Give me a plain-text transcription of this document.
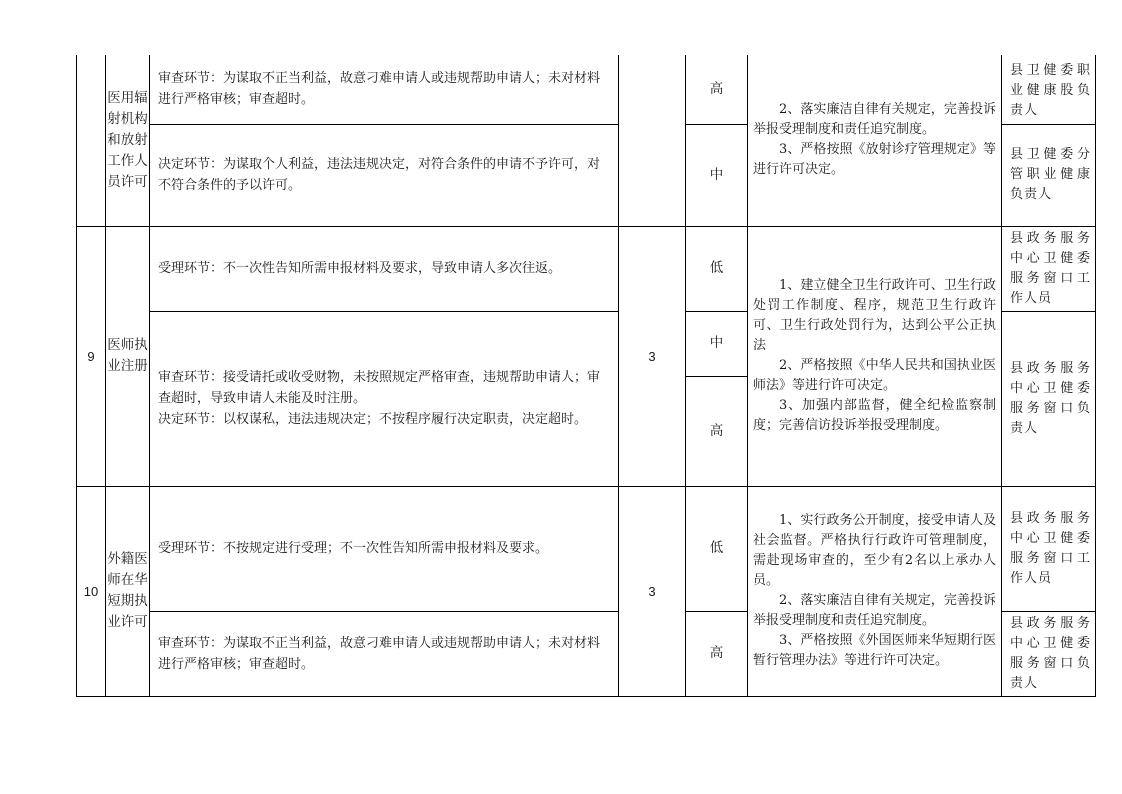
	医用辐射机构和放射工作人员许可	审查环节：为谋取不正当利益，故意刁难申请人或违规帮助申请人；未对材料进行严格审核；审查超时。		高	2、落实廉洁自律有关规定，完善投诉举报受理制度和责任追究制度。
3、严格按照《放射诊疗管理规定》等进行许可决定。	县卫健委职业健康股负责人
		决定环节：为谋取个人利益，违法违规决定，对符合条件的申请不予许可，对不符合条件的予以许可。		中		县卫健委分管职业健康负责人
9	医师执业注册	受理环节：不一次性告知所需申报材料及要求，导致申请人多次往返。	3	低	1、建立健全卫生行政许可、卫生行政处罚工作制度、程序，规范卫生行政许可、卫生行政处罚行为，达到公平公正执法
2、严格按照《中华人民共和国执业医师法》等进行许可决定。
3、加强内部监督，健全纪检监察制度；完善信访投诉举报受理制度。	县政务服务中心卫健委服务窗口工作人员

		审查环节：接受请托或收受财物，未按照规定严格审查，违规帮助申请人；审查超时，导致申请人未能及时注册。
决定环节：以权谋私，违法违规决定；不按程序履行决定职责，决定超时。		中		县政务服务中心卫健委服务窗口负责人
				高		
10	外籍医师在华短期执业许可	受理环节：不按规定进行受理；不一次性告知所需申报材料及要求。	3	低	1、实行政务公开制度，接受申请人及社会监督。严格执行行政许可管理制度，需赴现场审查的，至少有2名以上承办人员。
2、落实廉洁自律有关规定，完善投诉举报受理制度和责任追究制度。
3、严格按照《外国医师来华短期行医暂行管理办法》等进行许可决定。	县政务服务中心卫健委服务窗口工作人员
		审查环节：为谋取不正当利益，故意刁难申请人或违规帮助申请人；未对材料进行严格审核；审查超时。		高		县政务服务中心卫健委服务窗口负责人
